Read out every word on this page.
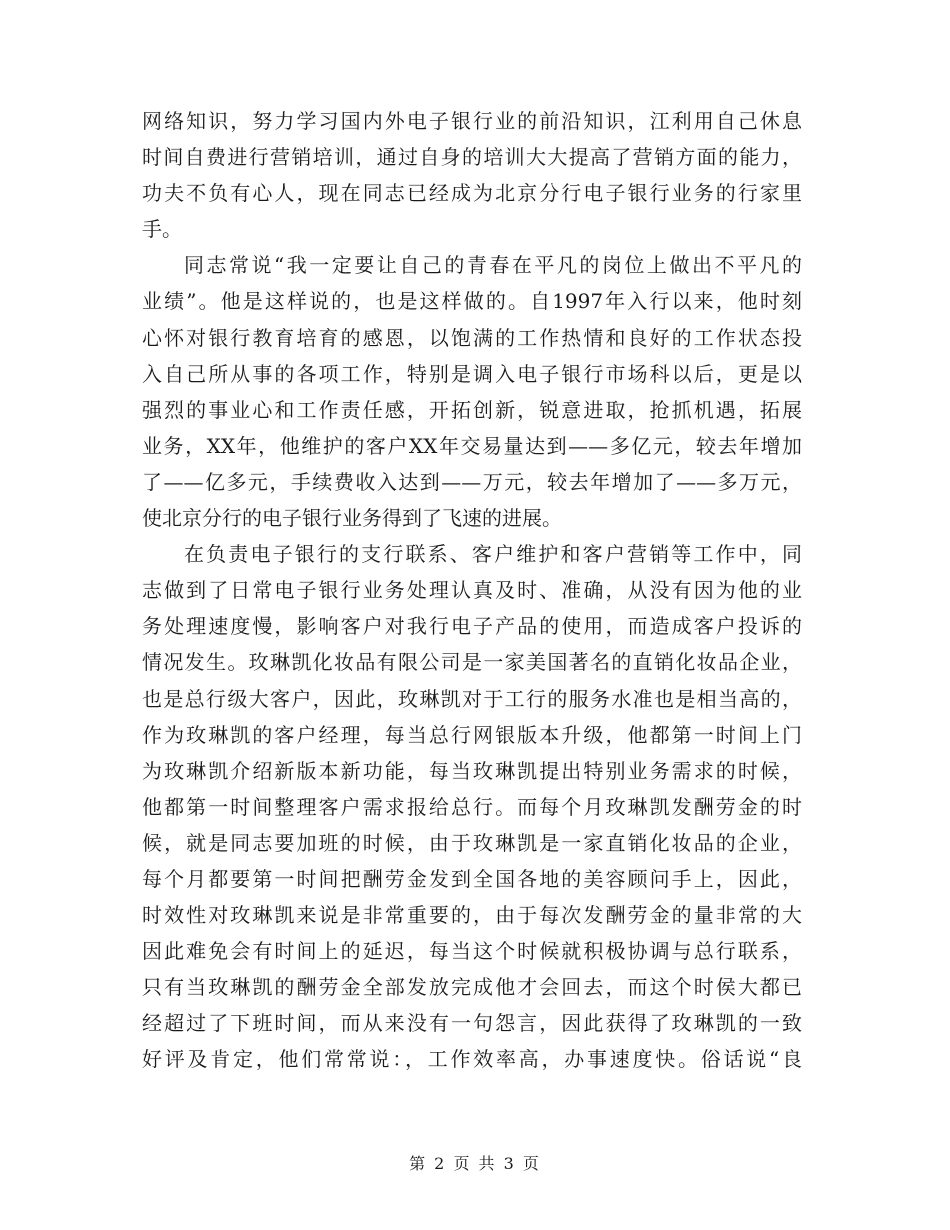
网络知识，努力学习国内外电子银行业的前沿知识，江利用自己休息
时间自费进行营销培训，通过自身的培训大大提高了营销方面的能力，
功夫不负有心人，现在同志已经成为北京分行电子银行业务的行家里
手。
同志常说“我一定要让自己的青春在平凡的岗位上做出不平凡的
业绩”。他是这样说的，也是这样做的。自1997年入行以来，他时刻
心怀对银行教育培育的感恩，以饱满的工作热情和良好的工作状态投
入自己所从事的各项工作，特别是调入电子银行市场科以后，更是以
强烈的事业心和工作责任感，开拓创新，锐意进取，抢抓机遇，拓展
业务，XX年，他维护的客户XX年交易量达到——多亿元，较去年增加
了——亿多元，手续费收入达到——万元，较去年增加了——多万元，
使北京分行的电子银行业务得到了飞速的进展。
在负责电子银行的支行联系、客户维护和客户营销等工作中，同
志做到了日常电子银行业务处理认真及时、准确，从没有因为他的业
务处理速度慢，影响客户对我行电子产品的使用，而造成客户投诉的
情况发生。玫琳凯化妆品有限公司是一家美国著名的直销化妆品企业，
也是总行级大客户，因此，玫琳凯对于工行的服务水准也是相当高的，
作为玫琳凯的客户经理，每当总行网银版本升级，他都第一时间上门
为玫琳凯介绍新版本新功能，每当玫琳凯提出特别业务需求的时候，
他都第一时间整理客户需求报给总行。而每个月玫琳凯发酬劳金的时
候，就是同志要加班的时候，由于玫琳凯是一家直销化妆品的企业，
每个月都要第一时间把酬劳金发到全国各地的美容顾问手上，因此，
时效性对玫琳凯来说是非常重要的，由于每次发酬劳金的量非常的大
因此难免会有时间上的延迟，每当这个时候就积极协调与总行联系，
只有当玫琳凯的酬劳金全部发放完成他才会回去，而这个时侯大都已
经超过了下班时间，而从来没有一句怨言，因此获得了玫琳凯的一致
好评及肯定，他们常常说：，工作效率高，办事速度快。俗话说“良
第 2 页 共 3 页
